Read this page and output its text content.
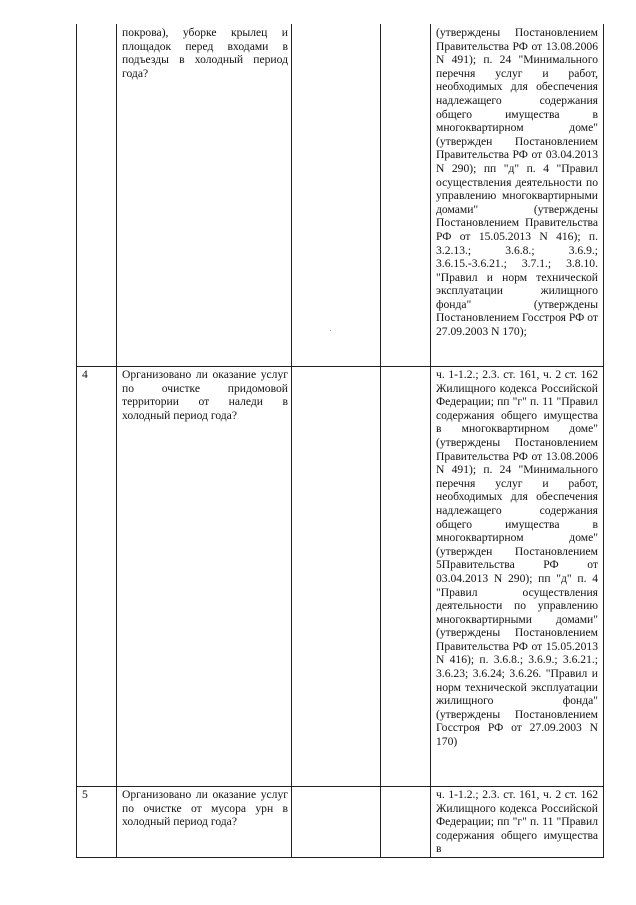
покрова), уборке крылец и площадок перед входами в подъезды в холодный период года?
(утверждены Постановлением Правительства РФ от 13.08.2006 N 491); п. 24 "Минимального перечня услуг и работ, необходимых для обеспечения надлежащего содержания общего имущества в многоквартирном доме" (утвержден Постановлением Правительства РФ от 03.04.2013 N 290); пп "д" п. 4 "Правил осуществления деятельности по управлению многоквартирными домами" (утверждены Постановлением Правительства РФ от 15.05.2013 N 416); п. 3.2.13.; 3.6.8.; 3.6.9.; 3.6.15.-3.6.21.; 3.7.1.; 3.8.10. "Правил и норм технической эксплуатации жилищного фонда" (утверждены Постановлением Госстроя РФ от 27.09.2003 N 170);
4	Организовано ли оказание услуг по очистке придомовой территории от наледи в холодный период года?
ч. 1-1.2.; 2.3. ст. 161, ч. 2 ст. 162 Жилищного кодекса Российской Федерации; пп "г" п. 11 "Правил содержания общего имущества в многоквартирном доме" (утверждены Постановлением Правительства РФ от 13.08.2006 N 491); п. 24 "Минимального перечня услуг и работ, необходимых для обеспечения надлежащего содержания общего имущества в многоквартирном доме" (утвержден Постановлением 5Правительства РФ от 03.04.2013 N 290); пп "д" п. 4 "Правил осуществления деятельности по управлению многоквартирными домами" (утверждены Постановлением Правительства РФ от 15.05.2013 N 416); п. 3.6.8.; 3.6.9.; 3.6.21.; 3.6.23; 3.6.24; 3.6.26. "Правил и норм технической эксплуатации жилищного фонда" (утверждены Постановлением Госстроя РФ от 27.09.2003 N 170)
5	Организовано ли оказание услуг по очистке от мусора урн в холодный период года?
ч. 1-1.2.; 2.3. ст. 161, ч. 2 ст. 162 Жилищного кодекса Российской Федерации; пп "г" п. 11 "Правил содержания общего имущества в
